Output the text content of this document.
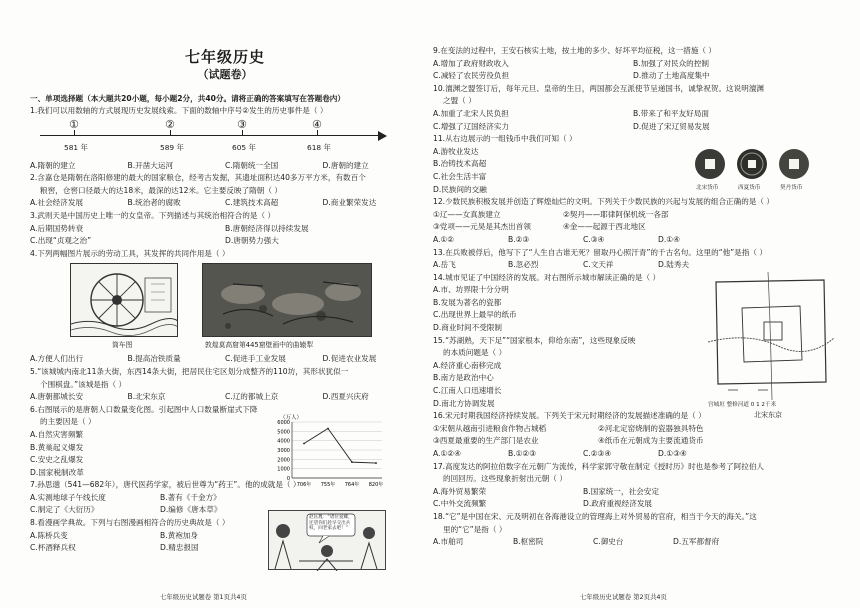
七年级历史
（试题卷）
一、单项选择题（本大题共20小题，每小题2分，共40分。请将正确的答案填写在答题卷内）
1.我们可以用数轴的方式展现历史发展线索。下面的数轴中序号②发生的历史事件是（ ）
①	②	③	④
581 年	589 年	605 年	618 年
A.隋朝的建立	B.开凿大运河	C.隋朝统一全国	D.唐朝的建立
2.含嘉仓是隋朝在洛阳修建的最大的国家粮仓，经考古发掘，其遗址面积达40多万平方米，有数百个
粮窖，仓窖口径最大的达18米，最深的达12米。它主要反映了隋朝（ ）
A.社会经济发展	B.统治者的腐败	C.建筑技术高超	D.商业繁荣发达
3.武则天是中国历史上唯一的女皇帝。下列描述与其统治相符合的是（ ）
A.后期国势转衰	B.唐朝经济得以持续发展
C.出现“贞观之治”	D.唐朝势力强大
4.下列两幅图片展示的劳动工具，其发挥的共同作用是（ ）
筒车图	敦煌莫高窟第445窟壁画中的曲辕犁
A.方便人们出行	B.提高冶铁质量	C.促进手工业发展	D.促进农业发展
5.“该城城内南北11条大街，东西14条大街，把居民住宅区划分成整齐的110坊，其形状犹似一
个围棋盘。”该城是指（ ）
A.唐朝都城长安	B.北宋东京	C.辽的都城上京	D.西夏兴庆府
6.右图展示的是唐朝人口数量变化图。引起图中人口数量断崖式下降
的主要因是（ ）
A.自然灾害频繁
B.黄巢起义爆发
C.安史之乱爆发
D.国家税制改革
7.孙思邈（541—682年），唐代医药学家，被后世尊为“药王”。他的成就是（ ）
A.实测地球子午线长度	B.著有《千金方》
C.制定了《大衍历》	D.编修《唐本草》
8.看漫画学典故。下列与右图漫画相符合的历史典故是（ ）
A.陈桥兵变	B.黄袍加身
C.杯酒释兵权	D.精忠报国
（万人）
6000
5000
4000
3000
2000
1000
0
706年 755年 764年 820年
赵匡胤：“诸位爱卿，还望你们趁早交出兵权，回老家去吧！”
七年级历史试题卷 第1页共4页
9.在变法的过程中，王安石核实土地，按土地的多少、好坏平均征税，这一措施（ ）
A.增加了政府财政收入	B.加强了对民众的控制
C.减轻了农民劳役负担	D.推动了土地高度集中
10.澶渊之盟签订后，每年元旦、皇帝的生日，两国都会互派使节呈递国书，诚挚祝贺。这说明澶渊
之盟（ ）
A.加重了北宋人民负担	B.带来了和平友好局面
C.增强了辽国经济实力	D.促进了宋辽贸易发展
11.从右边展示的一组钱币中我们可知（ ）
A.游牧业发达
B.冶铸技术高超
C.社会生活丰富
D.民族间的交融
12.少数民族积极发展并创造了辉煌灿烂的文明。下列关于少数民族的兴起与发展的组合正确的是（ ）
①辽——女真族建立	②契丹——耶律阿保机统一各部
③党项——元昊是其杰出首领	④金——起源于西北地区
A.①②	B.②③	C.③④	D.①④
13.在兵败被俘后，他写下了“人生自古谁无死？留取丹心照汗青”的千古名句。这里的“他”是指（ ）
A.岳飞	B.忽必烈	C.文天祥	D.陆秀夫
14.城市见证了中国经济的发展。对右图所示城市解读正确的是（ ）
A.市、坊界限十分分明
B.发展为著名的瓷都
C.出现世界上最早的纸币
D.商业时间不受限制
15.“苏湖熟，天下足”“国家根本，仰给东南”，这些现象反映
的本质问题是（ ）
A.经济重心南移完成
B.南方是政治中心
C.江南人口迅速增长
D.南北方协调发展
16.宋元时期我国经济持续发展。下列关于宋元时期经济的发展描述准确的是（ ）
①宋朝从越南引进粮食作物占城稻	②河北定窑烧制的瓷器独具特色
③西夏最重要的生产部门是农业	④纸币在元朝成为主要流通货币
A.①②④	B.①②③	C.②③④	D.①③④
17.高度发达的阿拉伯数字在元朝广为流传，科学家郭守敬在制定《授时历》时也是参考了阿拉伯人
的回回历。这些现象折射出元朝（ ）
A.海外贸易繁荣	B.国家统一，社会安定
C.中外交流频繁	D.政府重视经济发展
18.“它”是中国在宋、元及明初在各海港设立的管理海上对外贸易的官府，相当于今天的海关。”这
里的“它”是指（ ）
A.市舶司	B.枢密院	C.御史台	D.五军都督府
北宋货币	西夏货币	契丹货币
宫城垣 整修河道 0 1 2千米
北宋东京
七年级历史试题卷 第2页共4页
